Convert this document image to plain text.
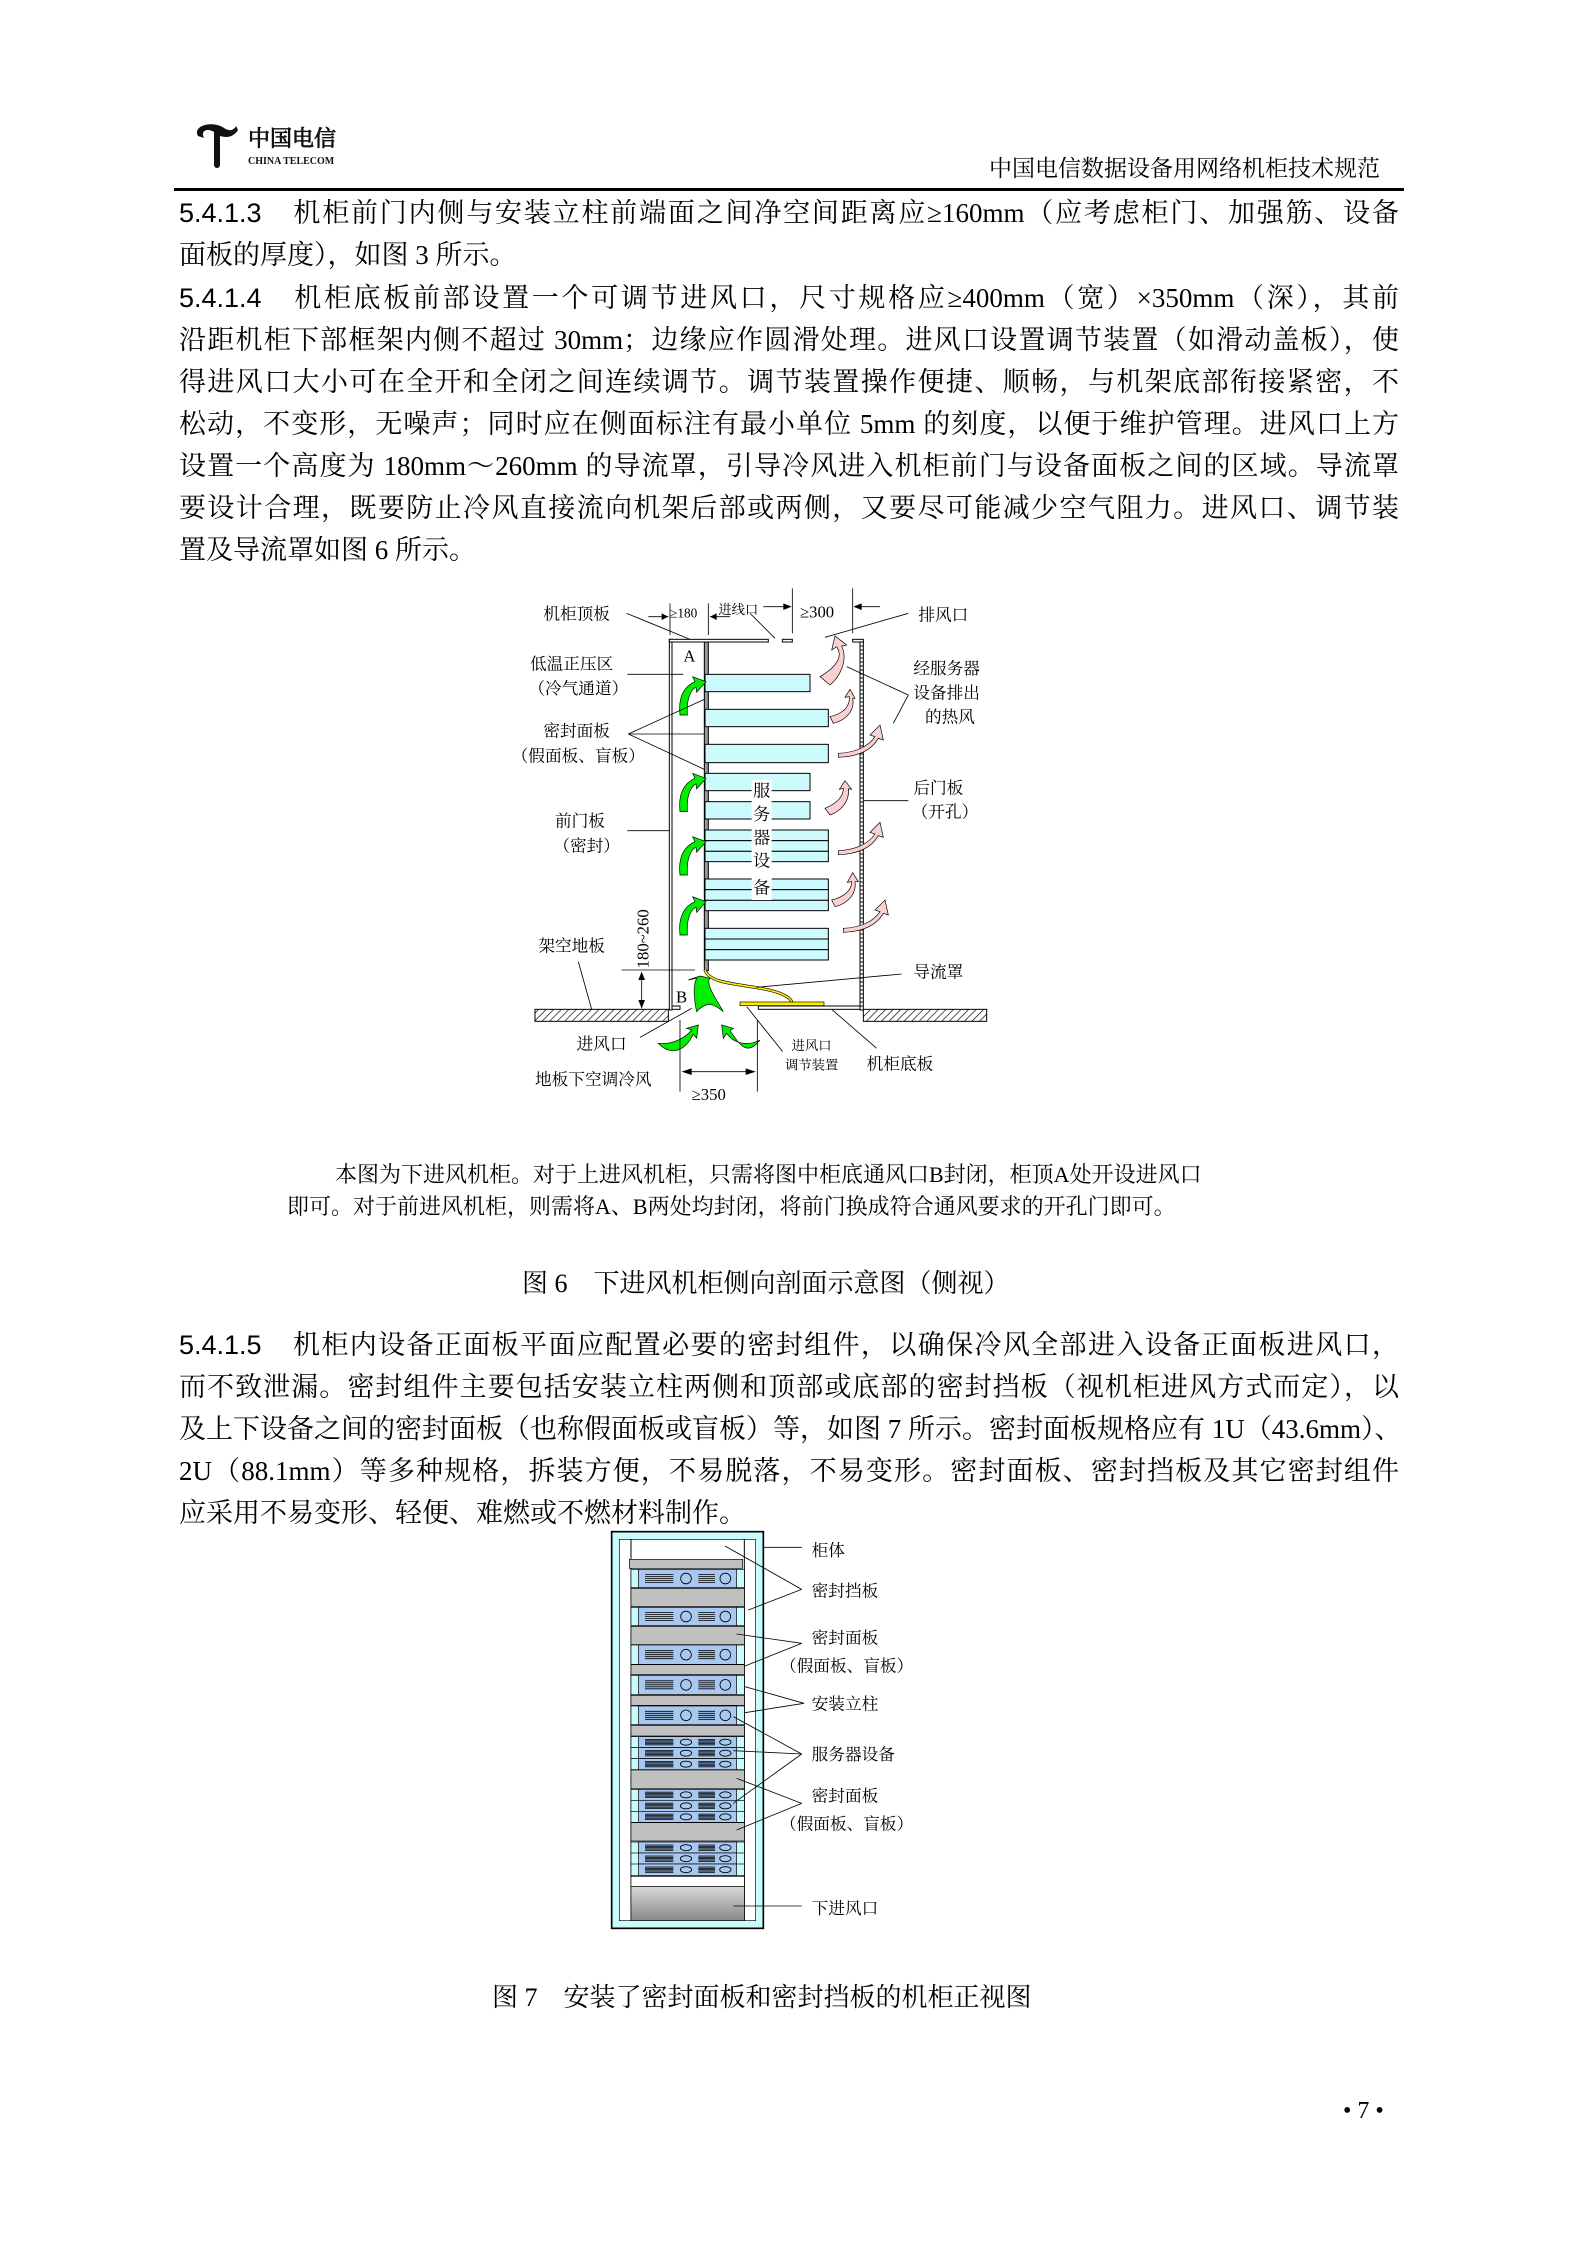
中国电信
CHINA TELECOM	中国电信数据设备用网络机柜技术规范
5.4.1.3 机柜前门内侧与安装立柱前端面之间净空间距离应≥160mm（应考虑柜门、加强筋、设备
面板的厚度），如图 3 所示。
5.4.1.4 机柜底板前部设置一个可调节进风口，尺寸规格应≥400mm（宽）×350mm（深），其前
沿距机柜下部框架内侧不超过 30mm；边缘应作圆滑处理。进风口设置调节装置（如滑动盖板），使
得进风口大小可在全开和全闭之间连续调节。调节装置操作便捷、顺畅，与机架底部衔接紧密，不
松动，不变形，无噪声；同时应在侧面标注有最小单位 5mm 的刻度，以便于维护管理。进风口上方
设置一个高度为 180mm～260mm 的导流罩，引导冷风进入机柜前门与设备面板之间的区域。导流罩
要设计合理，既要防止冷风直接流向机架后部或两侧，又要尽可能减少空气阻力。进风口、调节装
置及导流罩如图 6 所示。
服
务
器
设
备
机柜顶板 ≥180 进线口 ≥300 排风口
低温正压区
（冷气通道）
A
经服务器
设备排出
的热风
密封面板
（假面板、盲板）
后门板
（开孔）
前门板
（密封）
架空地板 180~260
B
导流罩
进风口	进风口
调节装置 机柜底板
地板下空调冷风
≥350
本图为下进风机柜。对于上进风机柜，只需将图中柜底通风口B封闭，柜顶A处开设进风口
即可。对于前进风机柜，则需将A、B两处均封闭，将前门换成符合通风要求的开孔门即可。
图 6　下进风机柜侧向剖面示意图（侧视）
5.4.1.5 机柜内设备正面板平面应配置必要的密封组件，以确保冷风全部进入设备正面板进风口，
而不致泄漏。密封组件主要包括安装立柱两侧和顶部或底部的密封挡板（视机柜进风方式而定），以
及上下设备之间的密封面板（也称假面板或盲板）等，如图 7 所示。密封面板规格应有 1U（43.6mm）、
2U（88.1mm）等多种规格，拆装方便，不易脱落，不易变形。密封面板、密封挡板及其它密封组件
应采用不易变形、轻便、难燃或不燃材料制作。
柜体
密封挡板
密封面板
（假面板、盲板）
安装立柱
服务器设备
密封面板
（假面板、盲板）
下进风口
图 7　安装了密封面板和密封挡板的机柜正视图
• 7 •
